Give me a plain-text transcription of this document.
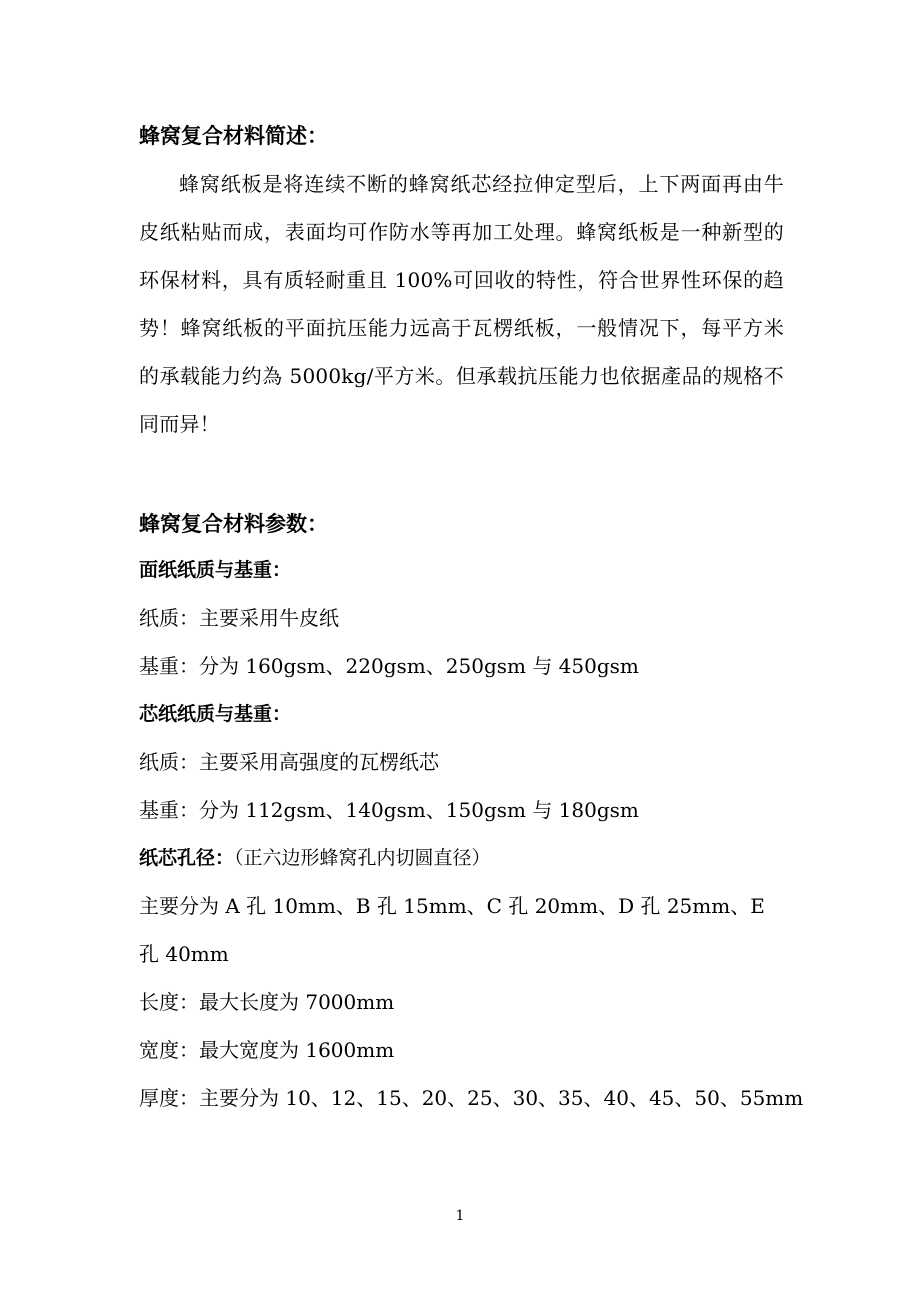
蜂窝复合材料简述：

蜂窝纸板是将连续不断的蜂窝纸芯经拉伸定型后，上下两面再由牛皮纸粘贴而成，表面均可作防水等再加工处理。蜂窝纸板是一种新型的环保材料，具有质轻耐重且 100%可回收的特性，符合世界性环保的趋势！蜂窝纸板的平面抗压能力远高于瓦楞纸板，一般情况下，每平方米的承载能力约為 5000kg/平方米。但承载抗压能力也依据產品的规格不同而异！

蜂窝复合材料参数：
面纸纸质与基重：

纸质：主要采用牛皮纸

基重：分为 160gsm、220gsm、250gsm 与 450gsm

芯纸纸质与基重：

纸质：主要采用高强度的瓦楞纸芯

基重：分为 112gsm、140gsm、150gsm 与 180gsm

纸芯孔径：（正六边形蜂窝孔内切圆直径）

主要分为 A 孔 10mm、B 孔 15mm、C 孔 20mm、D 孔 25mm、E 孔 40mm

长度：最大长度为 7000mm

宽度：最大宽度为 1600mm

厚度：主要分为 10、12、15、20、25、30、35、40、45、50、55mm

1
